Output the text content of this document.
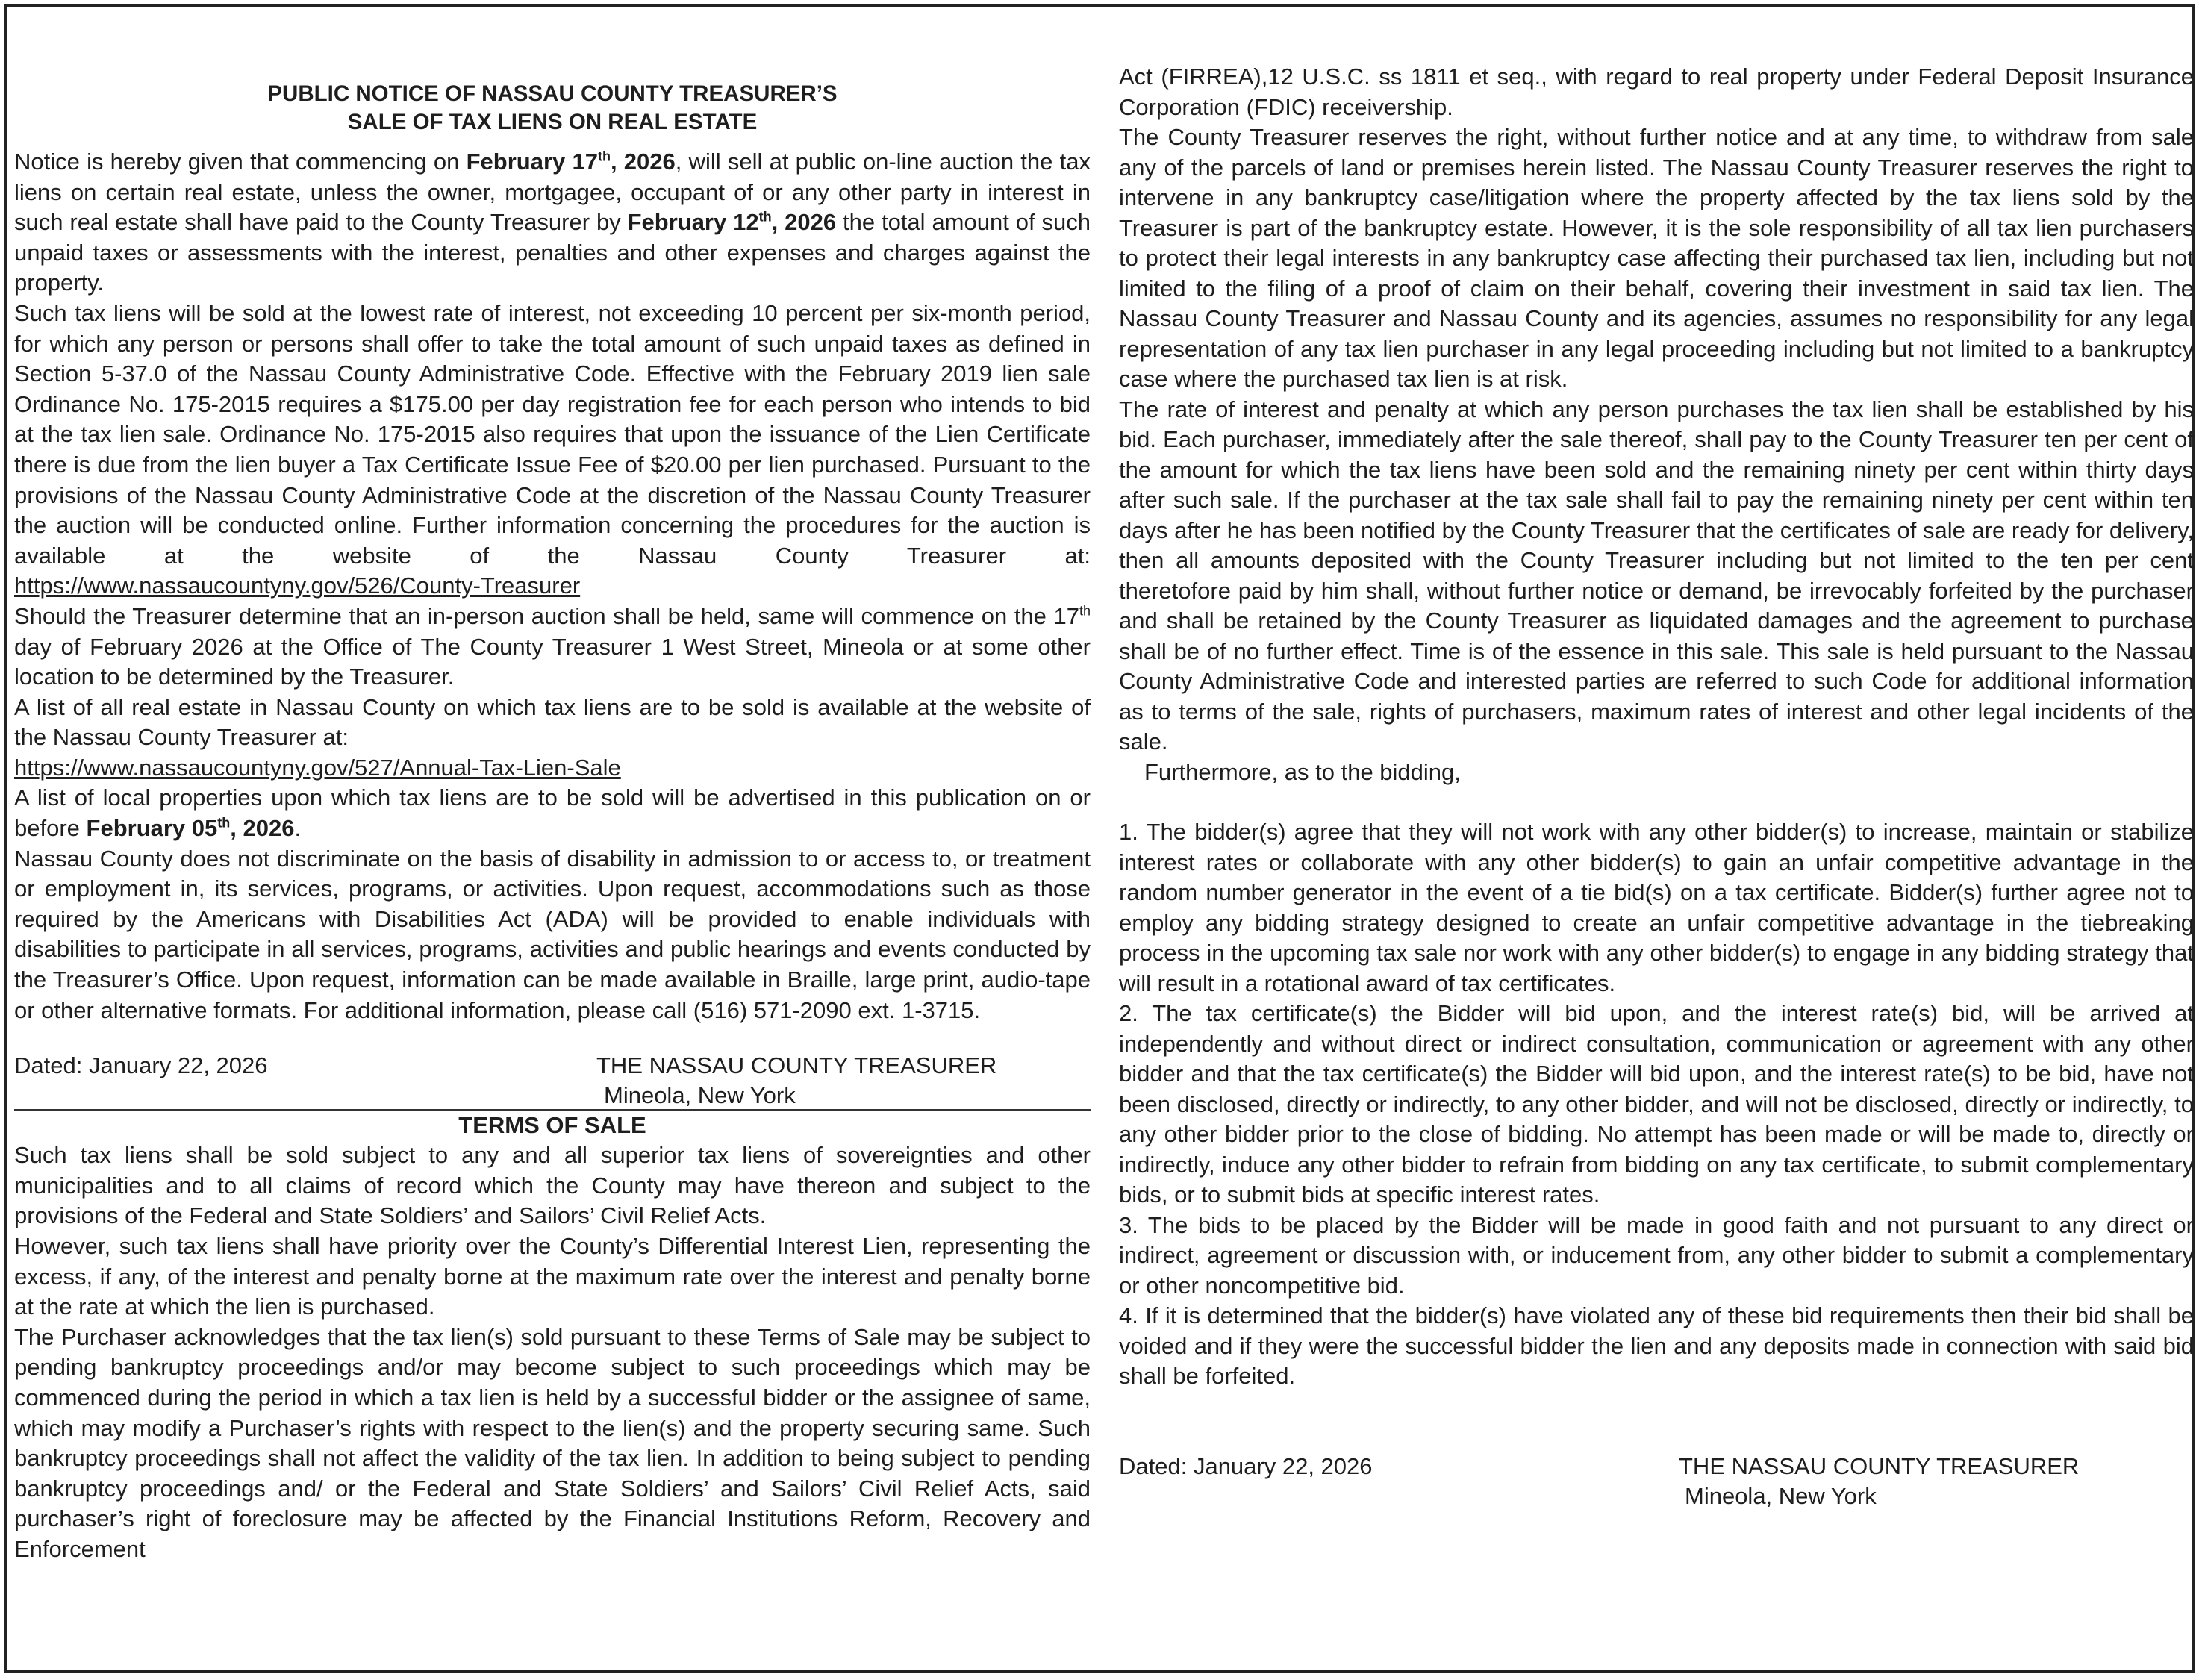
PUBLIC NOTICE OF NASSAU COUNTY TREASURER’S
SALE OF TAX LIENS ON REAL ESTATE

Notice is hereby given that commencing on February 17th, 2026, will sell at public on-line auction the tax liens on certain real estate, unless the owner, mortgagee, occupant of or any other party in interest in such real estate shall have paid to the County Treasurer by February 12th, 2026 the total amount of such unpaid taxes or assessments with the interest, penalties and other expenses and charges against the property.

Such tax liens will be sold at the lowest rate of interest, not exceeding 10 percent per six-month period, for which any person or persons shall offer to take the total amount of such unpaid taxes as defined in Section 5-37.0 of the Nassau County Administrative Code. Effective with the February 2019 lien sale Ordinance No. 175-2015 requires a $175.00 per day registration fee for each person who intends to bid at the tax lien sale. Ordinance No. 175-2015 also requires that upon the issuance of the Lien Certificate there is due from the lien buyer a Tax Certificate Issue Fee of $20.00 per lien purchased. Pursuant to the provisions of the Nassau County Administrative Code at the discretion of the Nassau County Treasurer the auction will be conducted online. Further information concerning the procedures for the auction is available at the website of the Nassau County Treasurer at: https://www.nassaucountyny.gov/526/County-Treasurer

Should the Treasurer determine that an in-person auction shall be held, same will commence on the 17th day of February 2026 at the Office of The County Treasurer 1 West Street, Mineola or at some other location to be determined by the Treasurer.

A list of all real estate in Nassau County on which tax liens are to be sold is available at the website of the Nassau County Treasurer at:
https://www.nassaucountyny.gov/527/Annual-Tax-Lien-Sale

A list of local properties upon which tax liens are to be sold will be advertised in this publication on or before February 05th, 2026.

Nassau County does not discriminate on the basis of disability in admission to or access to, or treatment or employment in, its services, programs, or activities. Upon request, accommodations such as those required by the Americans with Disabilities Act (ADA) will be provided to enable individuals with disabilities to participate in all services, programs, activities and public hearings and events conducted by the Treasurer’s Office. Upon request, information can be made available in Braille, large print, audio-tape or other alternative formats. For additional information, please call (516) 571-2090 ext. 1-3715.

Dated: January 22, 2026	THE NASSAU COUNTY TREASURER
Mineola, New York
TERMS OF SALE

Such tax liens shall be sold subject to any and all superior tax liens of sovereignties and other municipalities and to all claims of record which the County may have thereon and subject to the provisions of the Federal and State Soldiers’ and Sailors’ Civil Relief Acts.

However, such tax liens shall have priority over the County’s Differential Interest Lien, representing the excess, if any, of the interest and penalty borne at the maximum rate over the interest and penalty borne at the rate at which the lien is purchased.

The Purchaser acknowledges that the tax lien(s) sold pursuant to these Terms of Sale may be subject to pending bankruptcy proceedings and/or may become subject to such proceedings which may be commenced during the period in which a tax lien is held by a successful bidder or the assignee of same, which may modify a Purchaser’s rights with respect to the lien(s) and the property securing same. Such bankruptcy proceedings shall not affect the validity of the tax lien. In addition to being subject to pending bankruptcy proceedings and/ or the Federal and State Soldiers’ and Sailors’ Civil Relief Acts, said purchaser’s right of foreclosure may be affected by the Financial Institutions Reform, Recovery and Enforcement

Act (FIRREA),12 U.S.C. ss 1811 et seq., with regard to real property under Federal Deposit Insurance Corporation (FDIC) receivership.

The County Treasurer reserves the right, without further notice and at any time, to withdraw from sale any of the parcels of land or premises herein listed. The Nassau County Treasurer reserves the right to intervene in any bankruptcy case/litigation where the property affected by the tax liens sold by the Treasurer is part of the bankruptcy estate. However, it is the sole responsibility of all tax lien purchasers to protect their legal interests in any bankruptcy case affecting their purchased tax lien, including but not limited to the filing of a proof of claim on their behalf, covering their investment in said tax lien. The Nassau County Treasurer and Nassau County and its agencies, assumes no responsibility for any legal representation of any tax lien purchaser in any legal proceeding including but not limited to a bankruptcy case where the purchased tax lien is at risk.

The rate of interest and penalty at which any person purchases the tax lien shall be established by his bid. Each purchaser, immediately after the sale thereof, shall pay to the County Treasurer ten per cent of the amount for which the tax liens have been sold and the remaining ninety per cent within thirty days after such sale. If the purchaser at the tax sale shall fail to pay the remaining ninety per cent within ten days after he has been notified by the County Treasurer that the certificates of sale are ready for delivery, then all amounts deposited with the County Treasurer including but not limited to the ten per cent theretofore paid by him shall, without further notice or demand, be irrevocably forfeited by the purchaser and shall be retained by the County Treasurer as liquidated damages and the agreement to purchase shall be of no further effect. Time is of the essence in this sale. This sale is held pursuant to the Nassau County Administrative Code and interested parties are referred to such Code for additional information as to terms of the sale, rights of purchasers, maximum rates of interest and other legal incidents of the sale.

Furthermore, as to the bidding,

1. The bidder(s) agree that they will not work with any other bidder(s) to increase, maintain or stabilize interest rates or collaborate with any other bidder(s) to gain an unfair competitive advantage in the random number generator in the event of a tie bid(s) on a tax certificate. Bidder(s) further agree not to employ any bidding strategy designed to create an unfair competitive advantage in the tiebreaking process in the upcoming tax sale nor work with any other bidder(s) to engage in any bidding strategy that will result in a rotational award of tax certificates.

2. The tax certificate(s) the Bidder will bid upon, and the interest rate(s) bid, will be arrived at independently and without direct or indirect consultation, communication or agreement with any other bidder and that the tax certificate(s) the Bidder will bid upon, and the interest rate(s) to be bid, have not been disclosed, directly or indirectly, to any other bidder, and will not be disclosed, directly or indirectly, to any other bidder prior to the close of bidding. No attempt has been made or will be made to, directly or indirectly, induce any other bidder to refrain from bidding on any tax certificate, to submit complementary bids, or to submit bids at specific interest rates.

3. The bids to be placed by the Bidder will be made in good faith and not pursuant to any direct or indirect, agreement or discussion with, or inducement from, any other bidder to submit a complementary or other noncompetitive bid.

4. If it is determined that the bidder(s) have violated any of these bid requirements then their bid shall be voided and if they were the successful bidder the lien and any deposits made in connection with said bid shall be forfeited.

Dated: January 22, 2026	THE NASSAU COUNTY TREASURER
Mineola, New York
